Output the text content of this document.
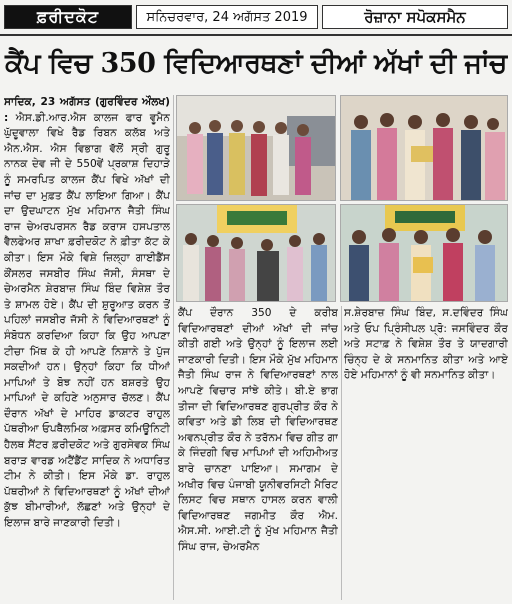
ਫ਼ਰੀਦਕੋਟ	ਸਨਿਚਰਵਾਰ, 24 ਅਗੱਸਤ 2019	ਰੋਜ਼ਾਨਾ ਸਪੋਕਸਮੈਨ
ਕੈਂਪ ਵਿਚ 350 ਵਿਦਿਆਰਥਣਾਂ ਦੀਆਂ ਅੱਖਾਂ ਦੀ ਜਾਂਚ
ਸਾਦਿਕ, 23 ਅਗੱਸਤ (ਗੁਰਵਿੰਦਰ ਔਲਖ) : ਐਸ.ਡੀ.ਆਰ.ਐਸ ਕਾਲਜ ਫਾਰ ਵੂਮੈਨ ਘੁੱਦੂਵਾਲਾ ਵਿਖੇ ਰੈਡ ਰਿਬਨ ਕਲੱਬ ਅਤੇ ਐਨ.ਐਸ. ਐਸ ਵਿਭਾਗ ਵੱਲੋਂ ਸ੍ਰੀ ਗੁਰੂ ਨਾਨਕ ਦੇਵ ਜੀ ਦੇ 550ਵੇਂ ਪ੍ਰਕਾਸ਼ ਦਿਹਾੜੇ ਨੂੰ ਸਮਰਪਿਤ ਕਾਲਜ ਕੈਂਪ ਵਿਖੇ ਅੱਖਾਂ ਦੀ ਜਾਂਚ ਦਾ ਮੁਫ਼ਤ ਕੈਂਪ ਲਾਇਆ ਗਿਆ। ਕੈਂਪ ਦਾ ਉਦਘਾਟਨ ਮੁੱਖ ਮਹਿਮਾਨ ਜੈਤੀ ਸਿੰਘ ਰਾਜ ਚੇਅਰਪਰਸਨ ਰੈਡ ਕਰਾਸ ਹਸਪਤਾਲ ਵੈਲਫੇਅਰ ਸ਼ਾਖਾ ਫ਼ਰੀਦਕੋਟ ਨੇ ਫ਼ੀਤਾ ਕੱਟ ਕੇ ਕੀਤਾ। ਇਸ ਮੌਕੇ ਵਿਸ਼ੇ ਜ਼ਿਲ੍ਹਾ ਗਾਈਡੈਂਸ ਕੌਂਸਲਰ ਜਸਬੀਰ ਸਿੰਘ ਜੱਸੀ, ਸੰਸਥਾ ਦੇ ਚੇਅਰਮੈਨ ਸ਼ੇਰਬਾਜ਼ ਸਿੰਘ ਬਿੰਦ ਵਿਸ਼ੇਸ਼ ਤੌਰ ਤੇ ਸ਼ਾਮਲ ਹੋਏ। ਕੈਂਪ ਦੀ ਸ਼ੁਰੂਆਤ ਕਰਨ ਤੋਂ ਪਹਿਲਾਂ ਜਸਬੀਰ ਜੱਸੀ ਨੇ ਵਿਦਿਆਰਥਣਾਂ ਨੂੰ ਸੰਬੋਧਨ ਕਰਦਿਆ ਕਿਹਾ ਕਿ ਉਹ ਆਪਣਾ ਟੀਚਾ ਮਿੱਥ ਕੇ ਹੀ ਆਪਣੇ ਨਿਸ਼ਾਨੇ ਤੇ ਪੁੱਜ ਸਕਦੀਆਂ ਹਨ। ਉਨ੍ਹਾਂ ਕਿਹਾ ਕਿ ਧੀਆਂ ਮਾਪਿਆਂ ਤੇ ਬੋਝ ਨਹੀਂ ਹਨ ਬਸ਼ਰਤੇ ਉਹ ਮਾਪਿਆਂ ਦੇ ਕਹਿਣੇ ਅਨੁਸਾਰ ਚੱਲਣ। ਕੈਂਪ ਦੌਰਾਨ ਅੱਖਾਂ ਦੇ ਮਾਹਿਰ ਡਾਕਟਰ ਰਾਹੁਲ ਪੱਥਰੀਆ ਓਪਥੈਲਮਿਕ ਅਫ਼ਸਰ ਕਮਿਊਨਿਟੀ ਹੈਲਥ ਸੈਂਟਰ ਫ਼ਰੀਦਕੋਟ ਅਤੇ ਗੁਰਸੇਵਕ ਸਿੰਘ ਬਰਾੜ ਵਾਰਡ ਅਟੈਂਡੈਂਟ ਸਾਦਿਕ ਨੇ ਅਧਾਰਿਤ ਟੀਮ ਨੇ ਕੀਤੀ। ਇਸ ਮੌਕੇ ਡਾ. ਰਾਹੁਲ ਪੱਥਰੀਆਂ ਨੇ ਵਿਦਿਆਰਥਣਾਂ ਨੂੰ ਅੱਖਾਂ ਦੀਆਂ ਕੁੱਝ ਬੀਮਾਰੀਆਂ, ਲੱਛਣਾਂ ਅਤੇ ਉਨ੍ਹਾਂ ਦੇ ਇਲਾਜ ਬਾਰੇ ਜਾਣਕਾਰੀ ਦਿਤੀ।
ਕੈਂਪ ਦੌਰਾਨ 350 ਦੇ ਕਰੀਬ ਵਿਦਿਆਰਥਣਾਂ ਦੀਆਂ ਅੱਖਾਂ ਦੀ ਜਾਂਚ ਕੀਤੀ ਗਈ ਅਤੇ ਉਨ੍ਹਾਂ ਨੂੰ ਇਲਾਜ ਲਈ ਜਾਣਕਾਰੀ ਦਿਤੀ। ਇਸ ਮੌਕੇ ਮੁੱਖ ਮਹਿਮਾਨ ਜੈਤੀ ਸਿੰਘ ਰਾਜ ਨੇ ਵਿਦਿਆਰਥਣਾਂ ਨਾਲ ਆਪਣੇ ਵਿਚਾਰ ਸਾਂਝੇ ਕੀਤੇ। ਬੀ.ਏ ਭਾਗ ਤੀਜਾ ਦੀ ਵਿਦਿਆਰਥਣ ਗੁਰਪ੍ਰੀਤ ਕੌਰ ਨੇ ਕਵਿਤਾ ਅਤੇ ਡੀ ਲਿਬ ਦੀ ਵਿਦਿਆਰਥਣ ਅਵਨਪ੍ਰੀਤ ਕੌਰ ਨੇ ਤਰੱਨਮ ਵਿਚ ਗੀਤ ਗਾ ਕੇ ਜਿੰਦਗੀ ਵਿਚ ਮਾਪਿਆਂ ਦੀ ਅਹਿਮੀਅਤ ਬਾਰੇ ਚਾਨਣਾ ਪਾਇਆ। ਸਮਾਗਮ ਦੇ ਅਖੀਰ ਵਿਚ ਪੰਜਾਬੀ ਯੂਨੀਵਰਸਿਟੀ ਮੈਰਿਟ ਲਿਸਟ ਵਿਚ ਸਥਾਨ ਹਾਸਲ ਕਰਨ ਵਾਲੀ ਵਿਦਿਆਰਥਣ ਜਗਮੀਤ ਕੌਰ ਐਮ. ਐਸ.ਸੀ. ਆਈ.ਟੀ ਨੂੰ ਮੁੱਖ ਮਹਿਮਾਨ ਜੈਤੀ ਸਿੰਘ ਰਾਜ, ਚੇਅਰਮੈਨ
ਸ.ਸ਼ੇਰਬਾਜ਼ ਸਿੰਘ ਬਿੰਦ, ਸ.ਦਵਿੰਦਰ ਸਿੰਘ ਅਤੇ ਓਪ ਪ੍ਰਿੰਸੀਪਲ ਪ੍ਰੋ: ਜਸਵਿੰਦਰ ਕੌਰ ਅਤੇ ਸਟਾਫ਼ ਨੇ ਵਿਸ਼ੇਸ਼ ਤੌਰ ਤੇ ਯਾਦਗਾਰੀ ਚਿੰਨ੍ਹ ਦੇ ਕੇ ਸਨਮਾਨਿਤ ਕੀਤਾ ਅਤੇ ਆਏ ਹੋਏ ਮਹਿਮਾਨਾਂ ਨੂੰ ਵੀ ਸਨਮਾਨਿਤ ਕੀਤਾ।
